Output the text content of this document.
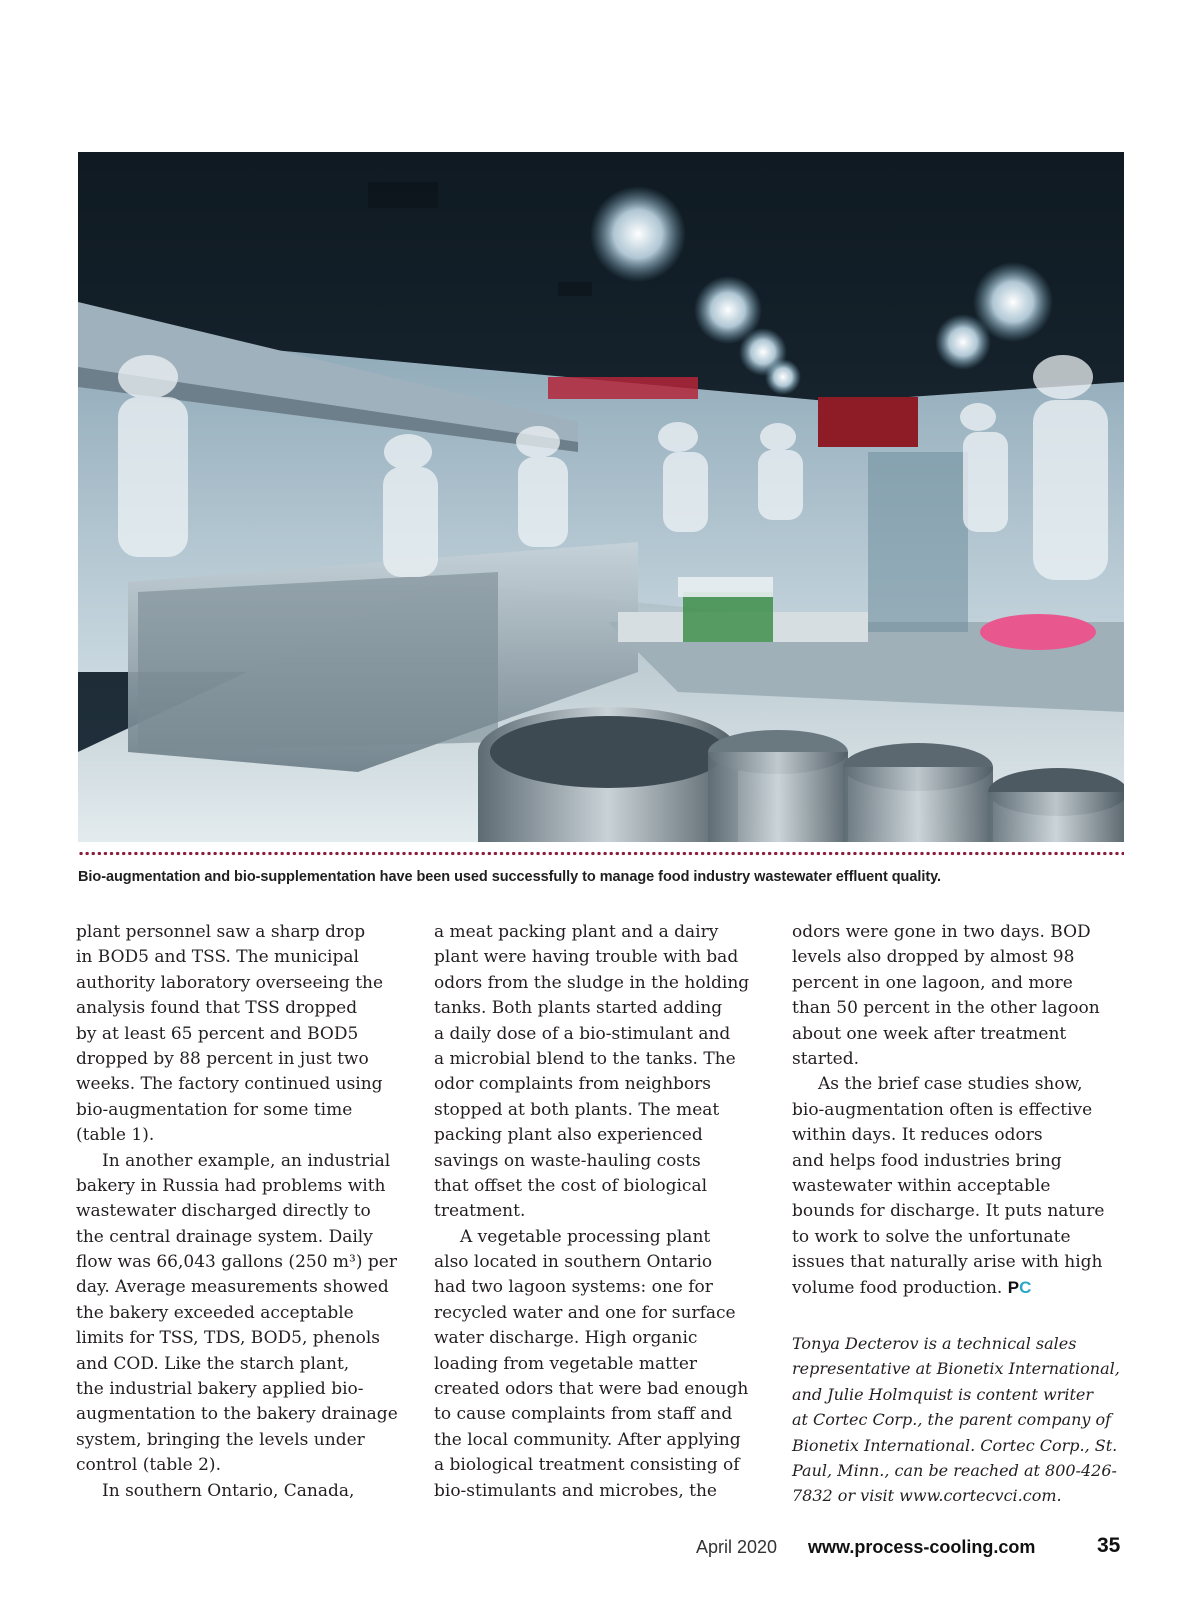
Bio-augmentation and bio-supplementation have been used successfully to manage food industry wastewater effluent quality.
plant personnel saw a sharp drop
in BOD5 and TSS. The municipal
authority laboratory overseeing the
analysis found that TSS dropped
by at least 65 percent and BOD5
dropped by 88 percent in just two
weeks. The factory continued using
bio-augmentation for some time
(table 1).
In another example, an industrial
bakery in Russia had problems with
wastewater discharged directly to
the central drainage system. Daily
flow was 66,043 gallons (250 m³) per
day. Average measurements showed
the bakery exceeded acceptable
limits for TSS, TDS, BOD5, phenols
and COD. Like the starch plant,
the industrial bakery applied bio-
augmentation to the bakery drainage
system, bringing the levels under
control (table 2).
In southern Ontario, Canada,
a meat packing plant and a dairy
plant were having trouble with bad
odors from the sludge in the holding
tanks. Both plants started adding
a daily dose of a bio-stimulant and
a microbial blend to the tanks. The
odor complaints from neighbors
stopped at both plants. The meat
packing plant also experienced
savings on waste-hauling costs
that offset the cost of biological
treatment.
A vegetable processing plant
also located in southern Ontario
had two lagoon systems: one for
recycled water and one for surface
water discharge. High organic
loading from vegetable matter
created odors that were bad enough
to cause complaints from staff and
the local community. After applying
a biological treatment consisting of
bio-stimulants and microbes, the
odors were gone in two days. BOD
levels also dropped by almost 98
percent in one lagoon, and more
than 50 percent in the other lagoon
about one week after treatment
started.
As the brief case studies show,
bio-augmentation often is effective
within days. It reduces odors
and helps food industries bring
wastewater within acceptable
bounds for discharge. It puts nature
to work to solve the unfortunate
issues that naturally arise with high
volume food production. PC
Tonya Decterov is a technical sales
representative at Bionetix International,
and Julie Holmquist is content writer
at Cortec Corp., the parent company of
Bionetix International. Cortec Corp., St.
Paul, Minn., can be reached at 800-426-
7832 or visit www.cortecvci.com.
April 2020 www.process-cooling.com	35
